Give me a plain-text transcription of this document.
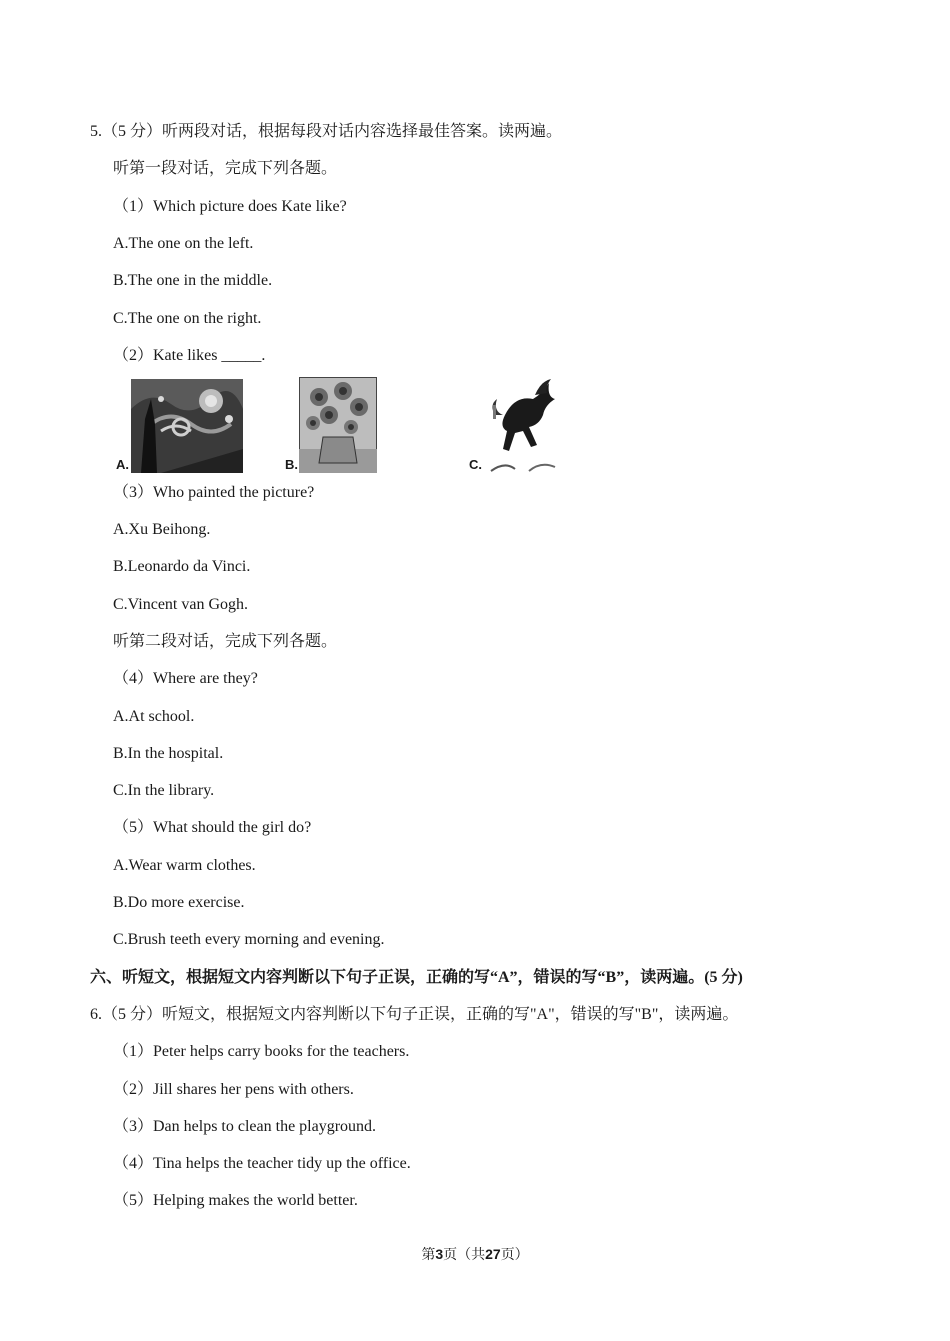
5.（5 分）听两段对话，根据每段对话内容选择最佳答案。读两遍。
听第一段对话，完成下列各题。
（1）Which picture does Kate like?
A.The one on the left.
B.The one in the middle.
C.The one on the right.
（2）Kate likes _____.
A.	B.	C.
（3）Who painted the picture?
A.Xu Beihong.
B.Leonardo da Vinci.
C.Vincent van Gogh.
听第二段对话，完成下列各题。
（4）Where are they?
A.At school.
B.In the hospital.
C.In the library.
（5）What should the girl do?
A.Wear warm clothes.
B.Do more exercise.
C.Brush teeth every morning and evening.
六、听短文，根据短文内容判断以下句子正误，正确的写“A”，错误的写“B”，读两遍。(5 分)
6.（5 分）听短文，根据短文内容判断以下句子正误，正确的写"A"，错误的写"B"，读两遍。
（1）Peter helps carry books for the teachers.
（2）Jill shares her pens with others.
（3）Dan helps to clean the playground.
（4）Tina helps the teacher tidy up the office.
（5）Helping makes the world better.
第3页（共27页）
